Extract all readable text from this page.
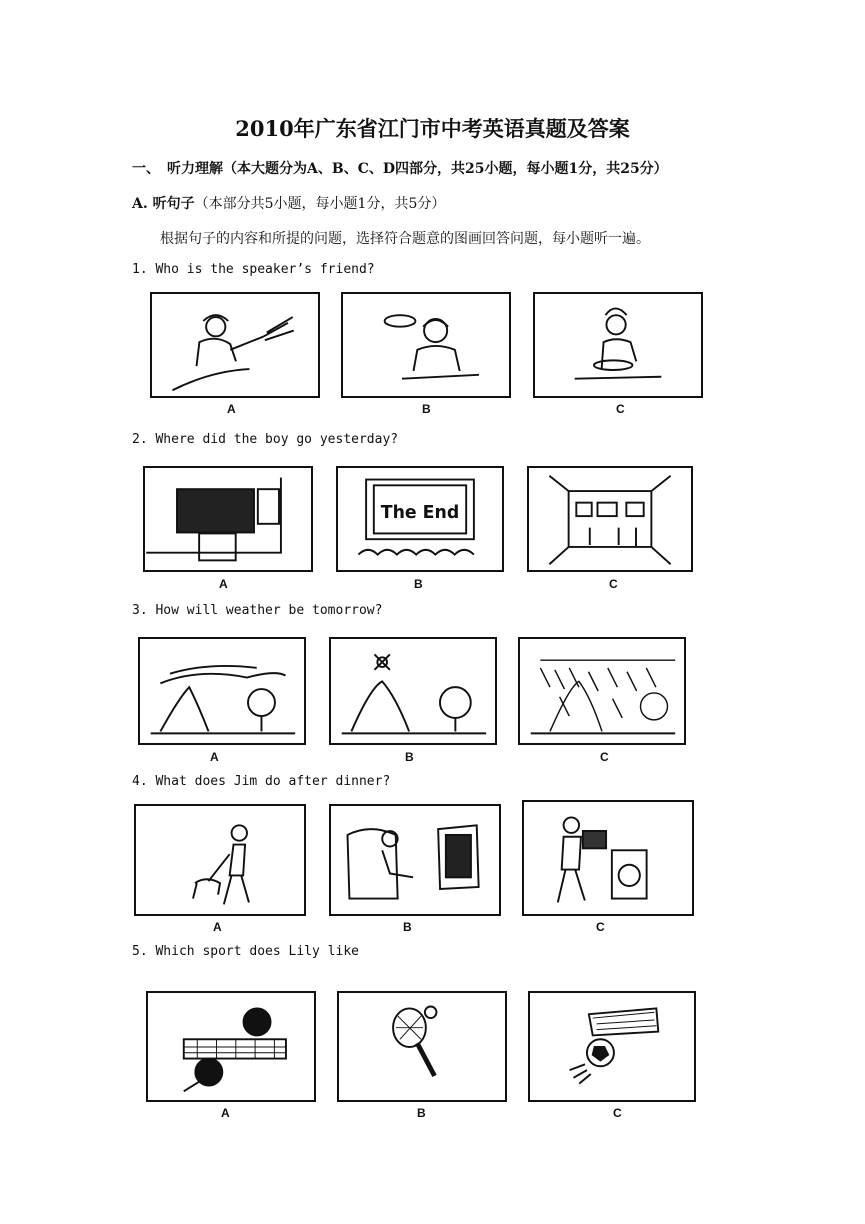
2010年广东省江门市中考英语真题及答案
一、　听力理解（本大题分为A、B、C、D四部分，共25小题，每小题1分，共25分）
A. 听句子（本部分共5小题，每小题1分，共5分）
根据句子的内容和所提的问题，选择符合题意的图画回答问题，每小题听一遍。
1. Who is the speaker’s friend?
A	B	C
2. Where did the boy go yesterday?
A
The End
B	C
3. How will weather be tomorrow?
A	B	C
4. What does Jim do after dinner?
A	B	C
5. Which sport does Lily like
A	B	C
